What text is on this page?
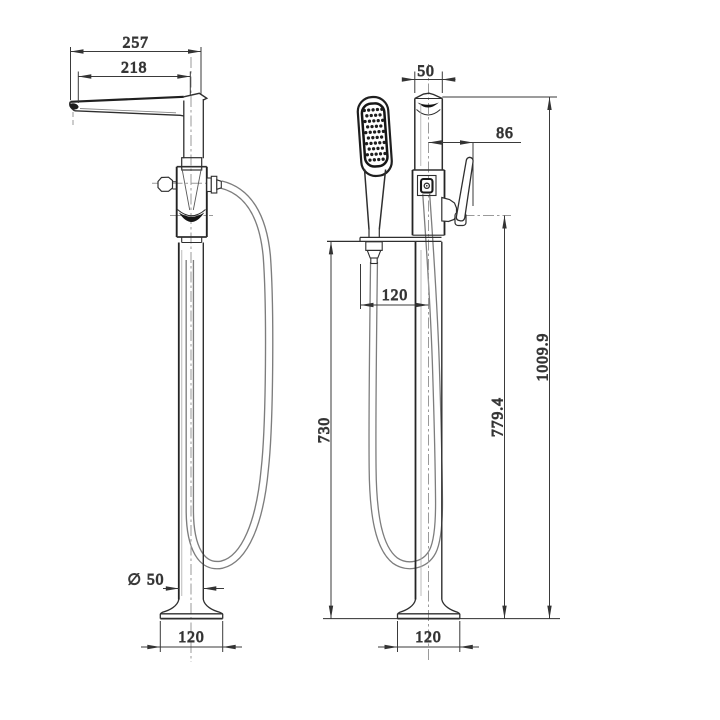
257
218
∅ 50
120
50
86
120
730	779.4
1009.9
120
